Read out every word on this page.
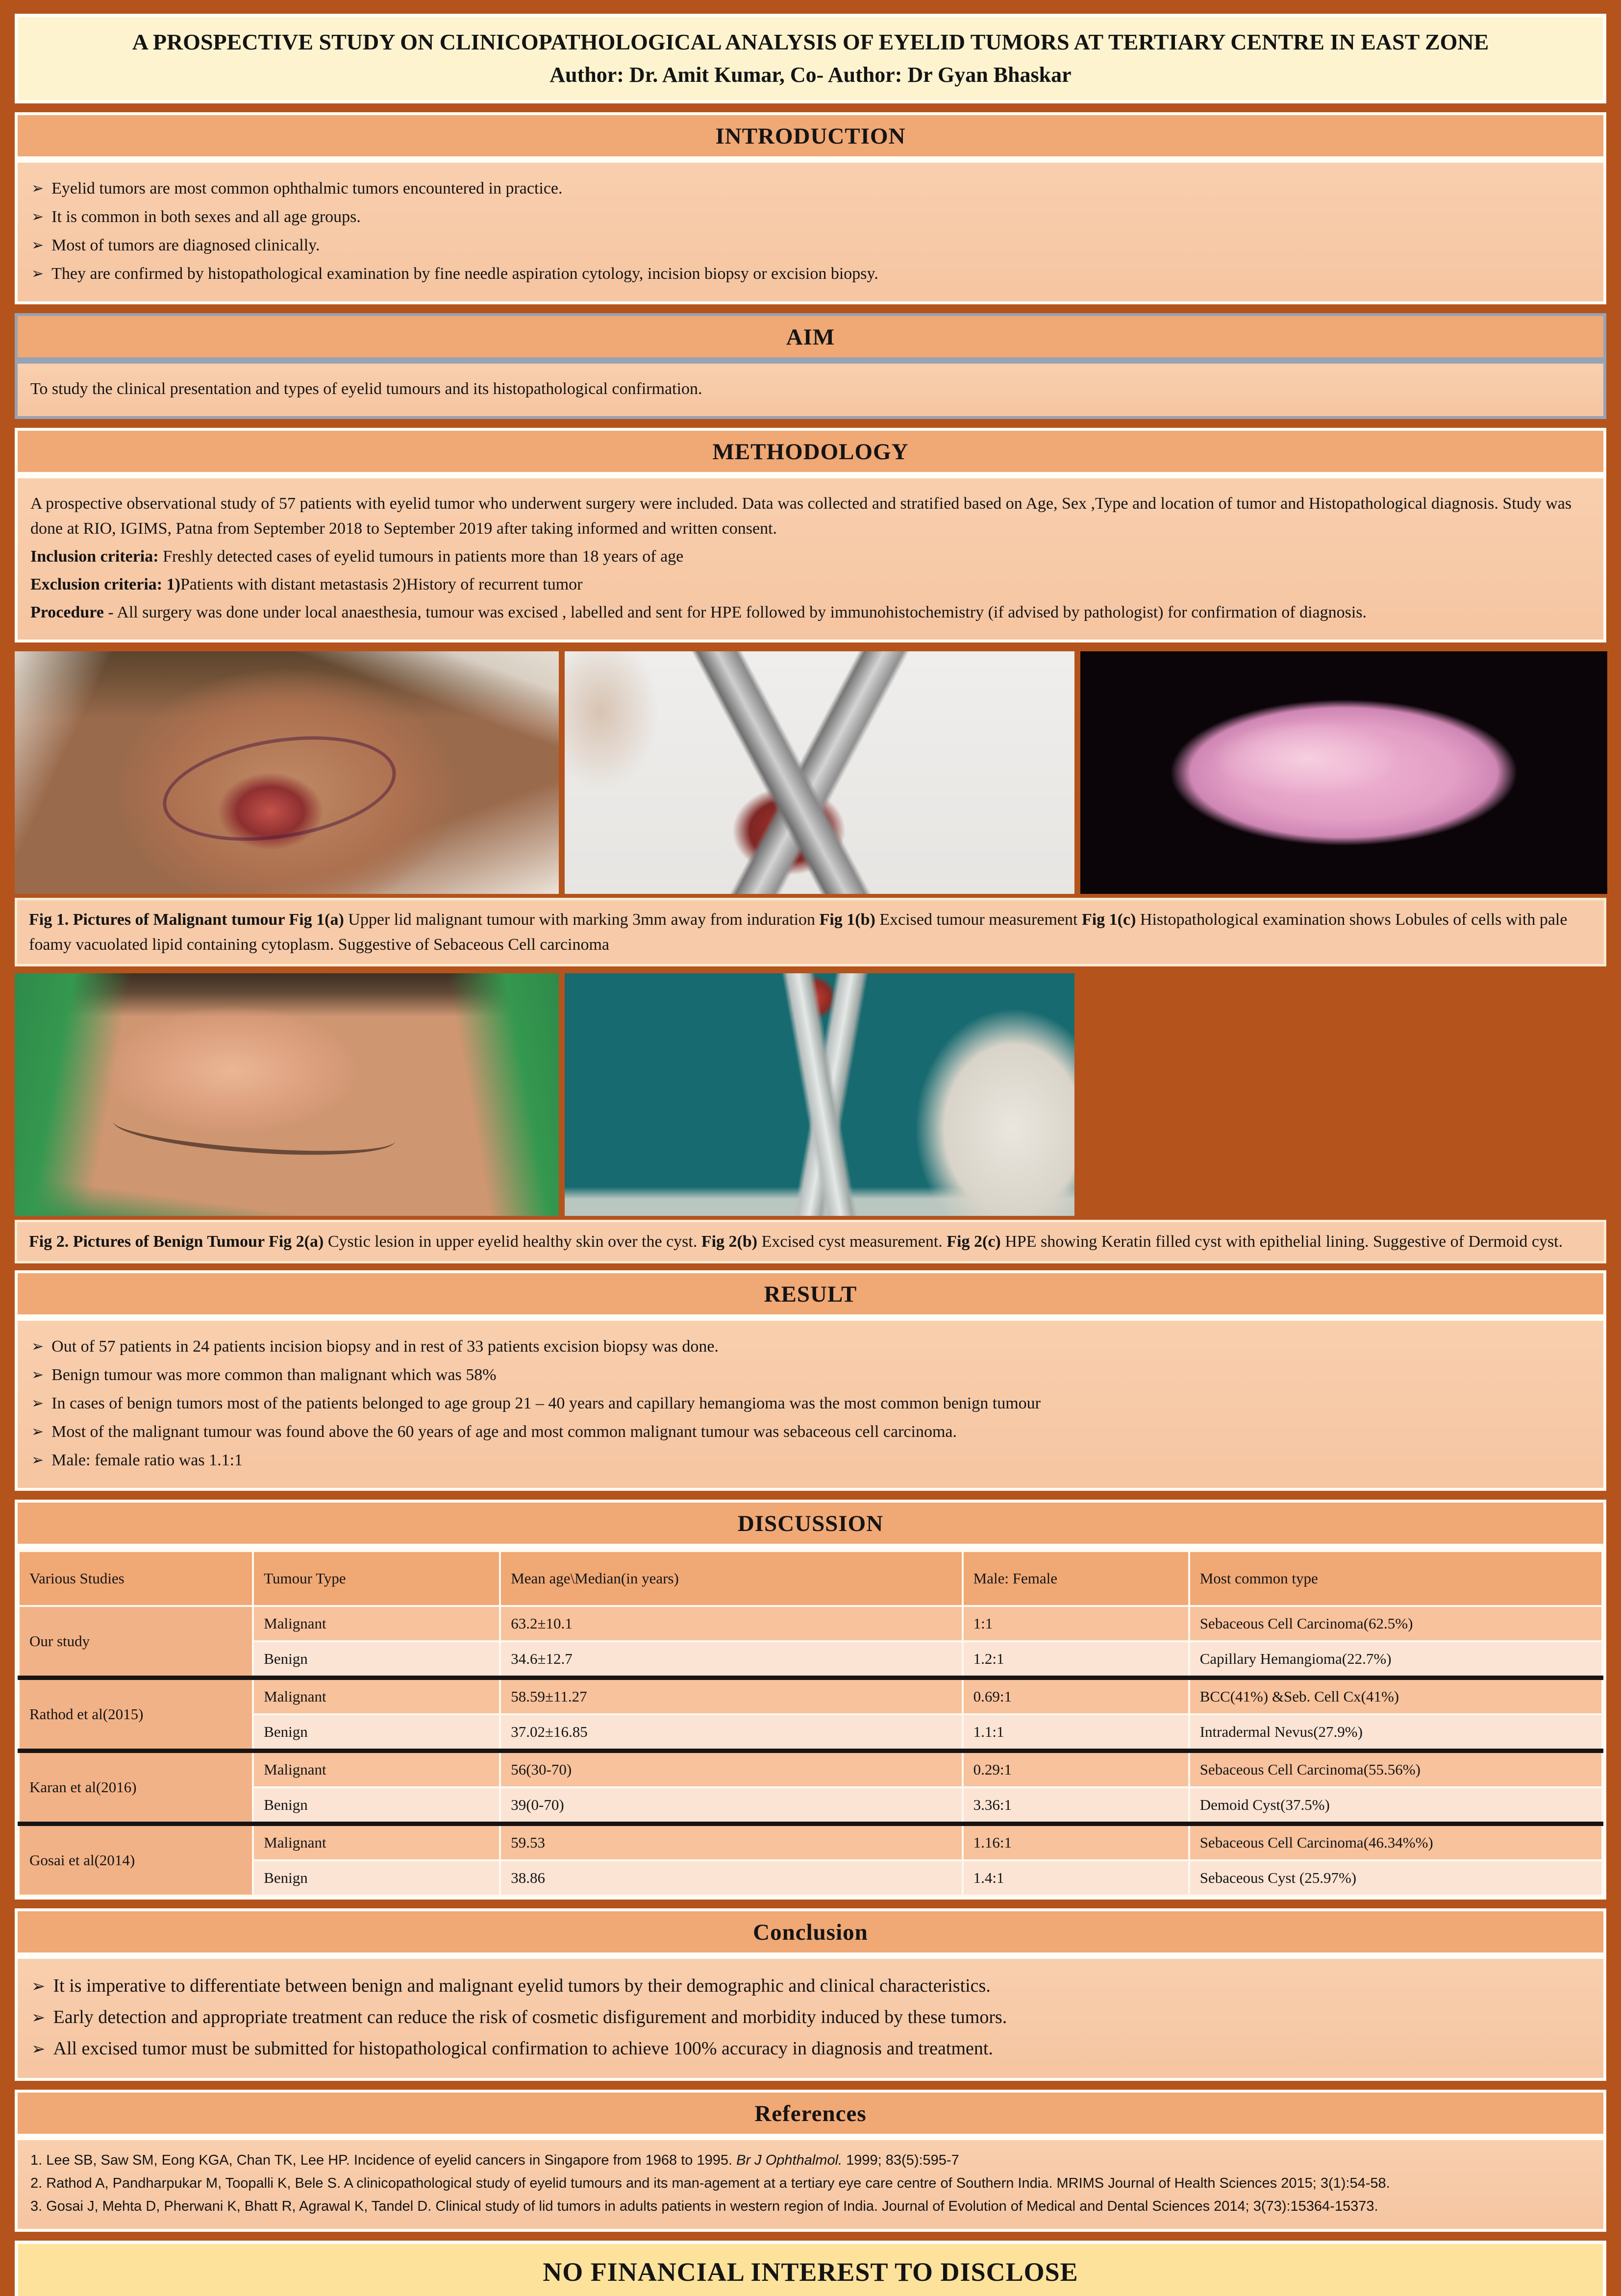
A PROSPECTIVE STUDY ON CLINICOPATHOLOGICAL ANALYSIS OF EYELID TUMORS AT TERTIARY CENTRE IN EAST ZONE
Author: Dr. Amit Kumar, Co- Author: Dr Gyan Bhaskar
INTRODUCTION
➢ Eyelid tumors are most common ophthalmic tumors encountered in practice.
➢ It is common in both sexes and all age groups.
➢ Most of tumors are diagnosed clinically.
➢ They are confirmed by histopathological examination by fine needle aspiration cytology, incision biopsy or excision biopsy.
AIM
To study the clinical presentation and types of eyelid tumours and its histopathological confirmation.
METHODOLOGY
A prospective observational study of 57 patients with eyelid tumor who underwent surgery were included. Data was collected and stratified based on Age, Sex ,Type and location of tumor and Histopathological diagnosis. Study was done at RIO, IGIMS, Patna from September 2018 to September 2019 after taking informed and written consent.
Inclusion criteria: Freshly detected cases of eyelid tumours in patients more than 18 years of age
Exclusion criteria: 1)Patients with distant metastasis 2)History of recurrent tumor
Procedure - All surgery was done under local anaesthesia, tumour was excised , labelled and sent for HPE followed by immunohistochemistry (if advised by pathologist) for confirmation of diagnosis.
Fig 1. Pictures of Malignant tumour Fig 1(a) Upper lid malignant tumour with marking 3mm away from induration Fig 1(b) Excised tumour measurement Fig 1(c) Histopathological examination shows Lobules of cells with pale foamy vacuolated lipid containing cytoplasm. Suggestive of Sebaceous Cell carcinoma
Fig 2. Pictures of Benign Tumour Fig 2(a) Cystic lesion in upper eyelid healthy skin over the cyst. Fig 2(b) Excised cyst measurement. Fig 2(c) HPE showing Keratin filled cyst with epithelial lining. Suggestive of Dermoid cyst.
RESULT
➢ Out of 57 patients in 24 patients incision biopsy and in rest of 33 patients excision biopsy was done.
➢ Benign tumour was more common than malignant which was 58%
➢ In cases of benign tumors most of the patients belonged to age group 21 – 40 years and capillary hemangioma was the most common benign tumour
➢ Most of the malignant tumour was found above the 60 years of age and most common malignant tumour was sebaceous cell carcinoma.
➢ Male: female ratio was 1.1:1
DISCUSSION
Various Studies	Tumour Type	Mean age\Median(in years)	Male: Female	Most common type
Our study	Malignant	63.2±10.1	1:1	Sebaceous Cell Carcinoma(62.5%)
	Benign	34.6±12.7	1.2:1	Capillary Hemangioma(22.7%)
Rathod et al(2015)	Malignant	58.59±11.27	0.69:1	BCC(41%) &Seb. Cell Cx(41%)
	Benign	37.02±16.85	1.1:1	Intradermal Nevus(27.9%)
Karan et al(2016)	Malignant	56(30-70)	0.29:1	Sebaceous Cell Carcinoma(55.56%)
	Benign	39(0-70)	3.36:1	Demoid Cyst(37.5%)
Gosai et al(2014)	Malignant	59.53	1.16:1	Sebaceous Cell Carcinoma(46.34%%)
	Benign	38.86	1.4:1	Sebaceous Cyst (25.97%)
Conclusion
➢ It is imperative to differentiate between benign and malignant eyelid tumors by their demographic and clinical characteristics.
➢ Early detection and appropriate treatment can reduce the risk of cosmetic disfigurement and morbidity induced by these tumors.
➢ All excised tumor must be submitted for histopathological confirmation to achieve 100% accuracy in diagnosis and treatment.
References
1. Lee SB, Saw SM, Eong KGA, Chan TK, Lee HP. Incidence of eyelid cancers in Singapore from 1968 to 1995. Br J Ophthalmol. 1999; 83(5):595-7
2. Rathod A, Pandharpukar M, Toopalli K, Bele S. A clinicopathological study of eyelid tumours and its man-agement at a tertiary eye care centre of Southern India. MRIMS Journal of Health Sciences 2015; 3(1):54-58.
3. Gosai J, Mehta D, Pherwani K, Bhatt R, Agrawal K, Tandel D. Clinical study of lid tumors in adults patients in western region of India. Journal of Evolution of Medical and Dental Sciences 2014; 3(73):15364-15373.
NO FINANCIAL INTEREST TO DISCLOSE
